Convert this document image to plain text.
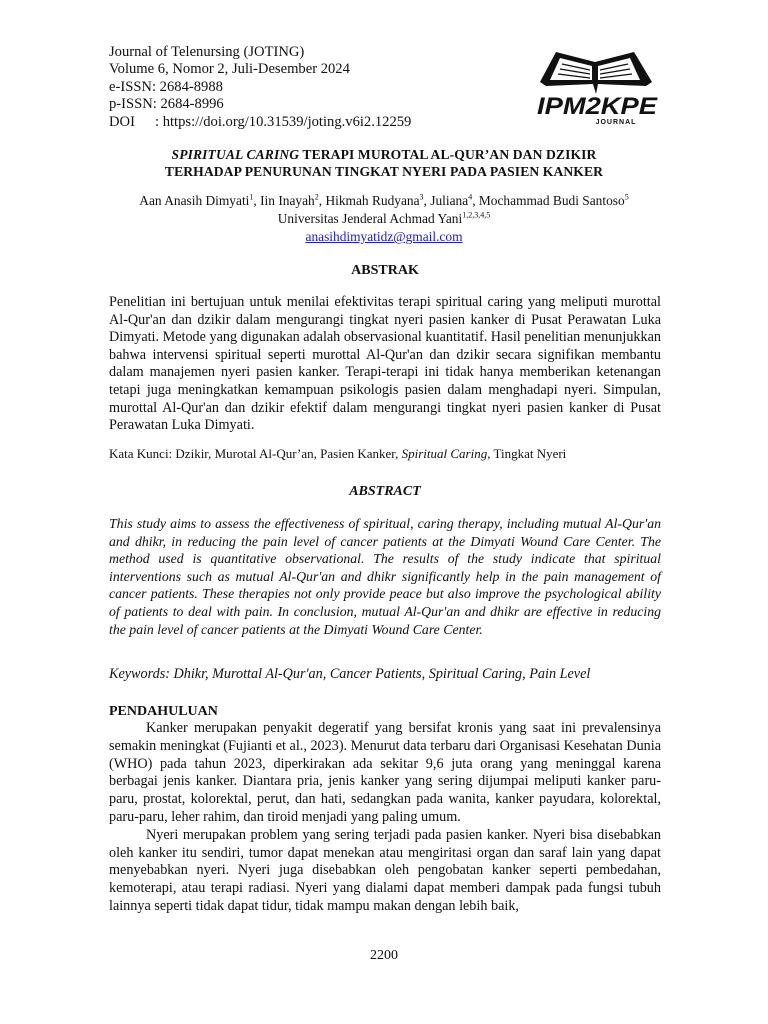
Journal of Telenursing (JOTING)
Volume 6, Nomor 2, Juli-Desember 2024
e-ISSN: 2684-8988
p-ISSN: 2684-8996
DOI : https://doi.org/10.31539/joting.v6i2.12259
IPM2KPE
JOURNAL
SPIRITUAL CARING TERAPI MUROTAL AL-QUR’AN DAN DZIKIR
TERHADAP PENURUNAN TINGKAT NYERI PADA PASIEN KANKER
Aan Anasih Dimyati$^1$, Iin Inayah$^2$, Hikmah Rudyana$^3$, Juliana$^4$, Mochammad Budi Santoso$^5$
Universitas Jenderal Achmad Yani$^{1,2,3,4,5}$
anasihdimyatidz@gmail.com
ABSTRAK
Penelitian ini bertujuan untuk menilai efektivitas terapi spiritual caring yang meliputi murottal Al-Qur'an dan dzikir dalam mengurangi tingkat nyeri pasien kanker di Pusat Perawatan Luka Dimyati. Metode yang digunakan adalah observasional kuantitatif. Hasil penelitian menunjukkan bahwa intervensi spiritual seperti murottal Al-Qur'an dan dzikir secara signifikan membantu dalam manajemen nyeri pasien kanker. Terapi-terapi ini tidak hanya memberikan ketenangan tetapi juga meningkatkan kemampuan psikologis pasien dalam menghadapi nyeri. Simpulan, murottal Al-Qur'an dan dzikir efektif dalam mengurangi tingkat nyeri pasien kanker di Pusat Perawatan Luka Dimyati.
Kata Kunci: Dzikir, Murotal Al-Qur’an, Pasien Kanker, Spiritual Caring, Tingkat Nyeri
ABSTRACT
This study aims to assess the effectiveness of spiritual, caring therapy, including mutual Al-Qur'an and dhikr, in reducing the pain level of cancer patients at the Dimyati Wound Care Center. The method used is quantitative observational. The results of the study indicate that spiritual interventions such as mutual Al-Qur'an and dhikr significantly help in the pain management of cancer patients. These therapies not only provide peace but also improve the psychological ability of patients to deal with pain. In conclusion, mutual Al-Qur'an and dhikr are effective in reducing the pain level of cancer patients at the Dimyati Wound Care Center.
Keywords: Dhikr, Murottal Al-Qur'an, Cancer Patients, Spiritual Caring, Pain Level
PENDAHULUAN

Kanker merupakan penyakit degeratif yang bersifat kronis yang saat ini prevalensinya semakin meningkat (Fujianti et al., 2023). Menurut data terbaru dari Organisasi Kesehatan Dunia (WHO) pada tahun 2023, diperkirakan ada sekitar 9,6 juta orang yang meninggal karena berbagai jenis kanker. Diantara pria, jenis kanker yang sering dijumpai meliputi kanker paru-paru, prostat, kolorektal, perut, dan hati, sedangkan pada wanita, kanker payudara, kolorektal, paru-paru, leher rahim, dan tiroid menjadi yang paling umum.

Nyeri merupakan problem yang sering terjadi pada pasien kanker. Nyeri bisa disebabkan oleh kanker itu sendiri, tumor dapat menekan atau mengiritasi organ dan saraf lain yang dapat menyebabkan nyeri. Nyeri juga disebabkan oleh pengobatan kanker seperti pembedahan, kemoterapi, atau terapi radiasi. Nyeri yang dialami dapat memberi dampak pada fungsi tubuh lainnya seperti tidak dapat tidur, tidak mampu makan dengan lebih baik,

2200
